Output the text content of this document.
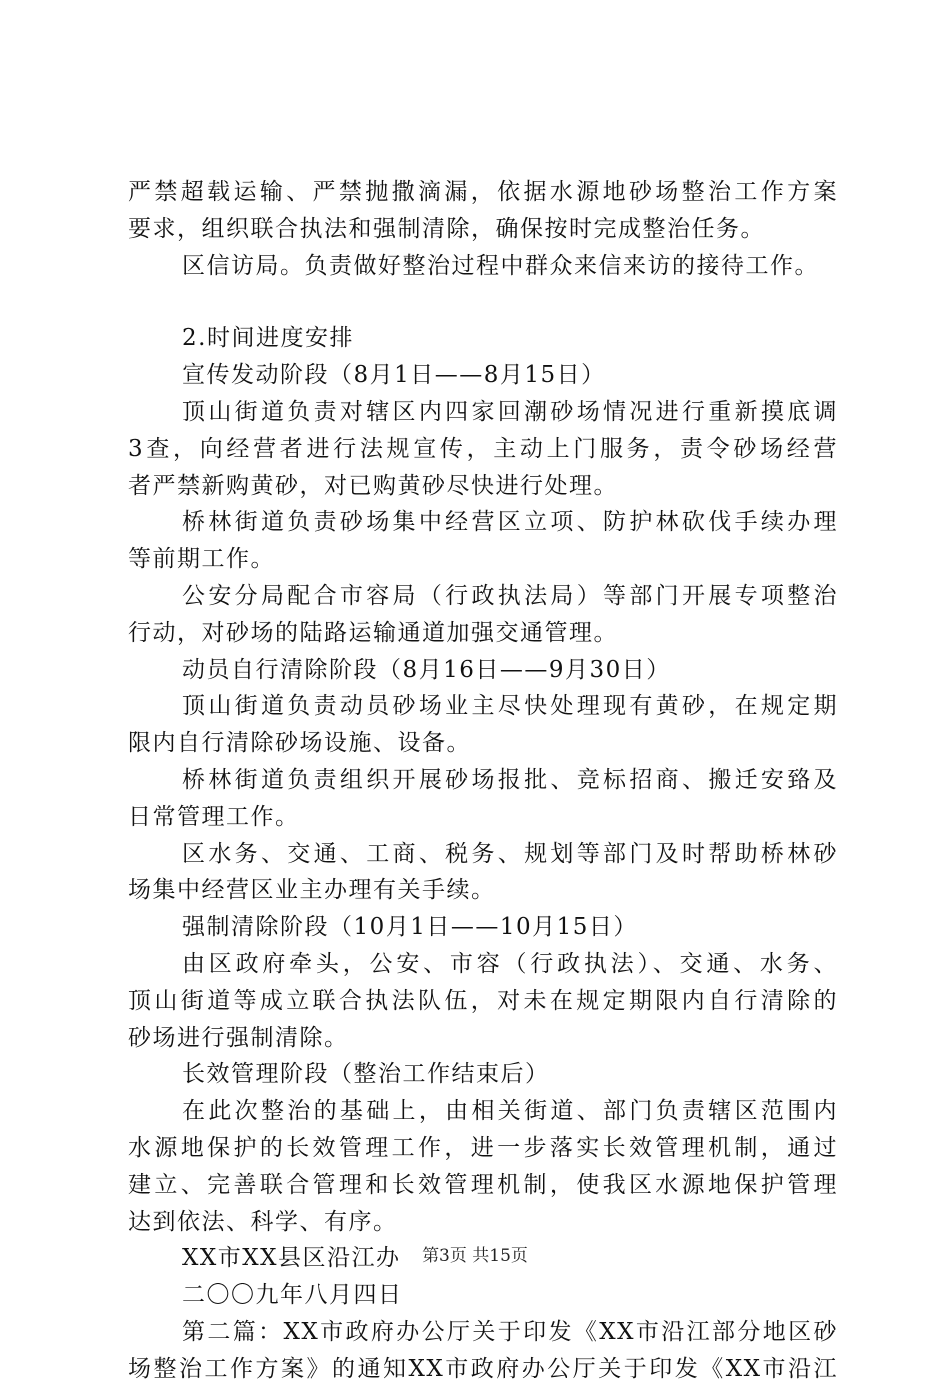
严禁超载运输、严禁抛撒滴漏，依据水源地砂场整治工作方案
要求，组织联合执法和强制清除，确保按时完成整治任务。
区信访局。负责做好整治过程中群众来信来访的接待工作。
2.时间进度安排
宣传发动阶段（8月1日——8月15日）
顶山街道负责对辖区内四家回潮砂场情况进行重新摸底调
3查，向经营者进行法规宣传，主动上门服务，责令砂场经营
者严禁新购黄砂，对已购黄砂尽快进行处理。
桥林街道负责砂场集中经营区立项、防护林砍伐手续办理
等前期工作。
公安分局配合市容局（行政执法局）等部门开展专项整治
行动，对砂场的陆路运输通道加强交通管理。
动员自行清除阶段（8月16日——9月30日）
顶山街道负责动员砂场业主尽快处理现有黄砂，在规定期
限内自行清除砂场设施、设备。
桥林街道负责组织开展砂场报批、竞标招商、搬迁安臵及
日常管理工作。
区水务、交通、工商、税务、规划等部门及时帮助桥林砂
场集中经营区业主办理有关手续。
强制清除阶段（10月1日——10月15日）
由区政府牵头，公安、市容（行政执法）、交通、水务、
顶山街道等成立联合执法队伍，对未在规定期限内自行清除的
砂场进行强制清除。
长效管理阶段（整治工作结束后）
在此次整治的基础上，由相关街道、部门负责辖区范围内
水源地保护的长效管理工作，进一步落实长效管理机制，通过
建立、完善联合管理和长效管理机制，使我区水源地保护管理
达到依法、科学、有序。
XX市XX县区沿江办
二〇〇九年八月四日
第二篇：XX市政府办公厅关于印发《XX市沿江部分地区砂
场整治工作方案》的通知XX市政府办公厅关于印发《XX市沿江
第3页 共15页
